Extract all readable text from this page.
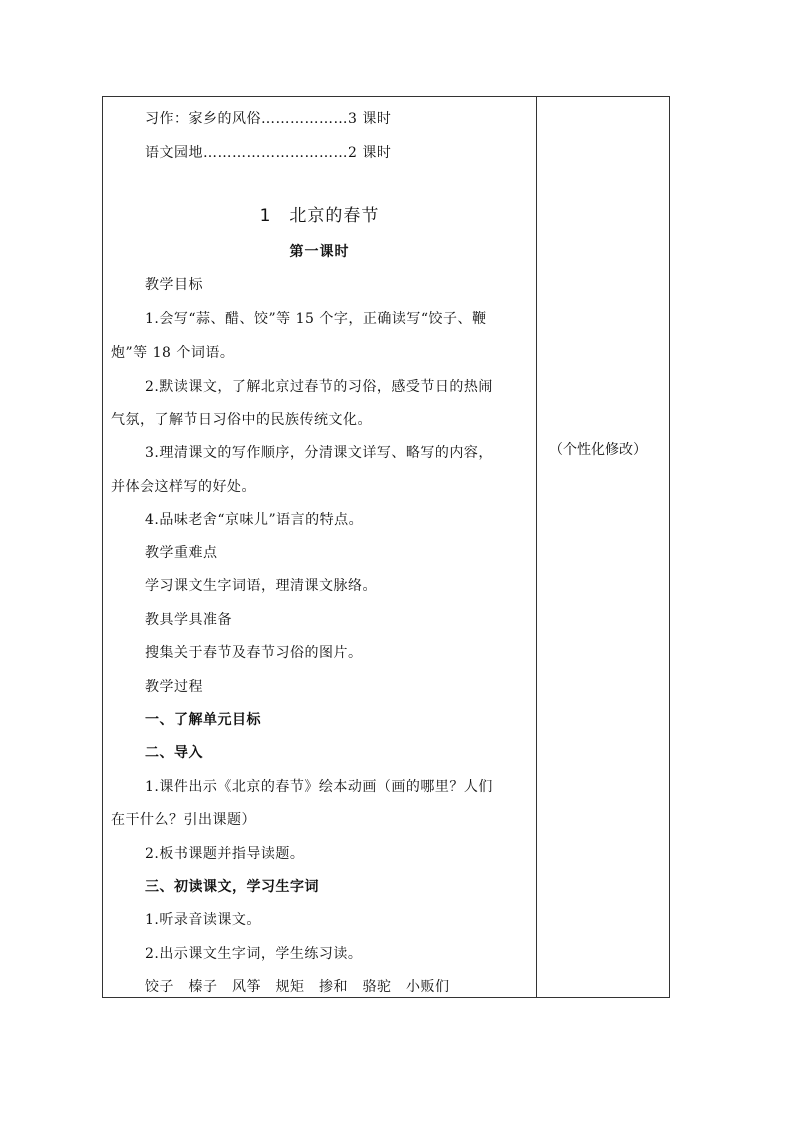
习作：家乡的风俗………………3 课时
语文园地…………………………2 课时
1　北京的春节
第一课时
教学目标
1.会写“蒜、醋、饺”等 15 个字，正确读写“饺子、鞭
炮”等 18 个词语。
2.默读课文，了解北京过春节的习俗，感受节日的热闹
气氛，了解节日习俗中的民族传统文化。
3.理清课文的写作顺序，分清课文详写、略写的内容，
并体会这样写的好处。
4.品味老舍“京味儿”语言的特点。
教学重难点
学习课文生字词语，理清课文脉络。
教具学具准备
搜集关于春节及春节习俗的图片。
教学过程
一、了解单元目标
二、导入
1.课件出示《北京的春节》绘本动画（画的哪里？人们
在干什么？引出课题）
2.板书课题并指导读题。
三、初读课文，学习生字词
1.听录音读课文。
2.出示课文生字词，学生练习读。
饺子　榛子　风筝　规矩　掺和　骆驼　小贩们
（个性化修改）
